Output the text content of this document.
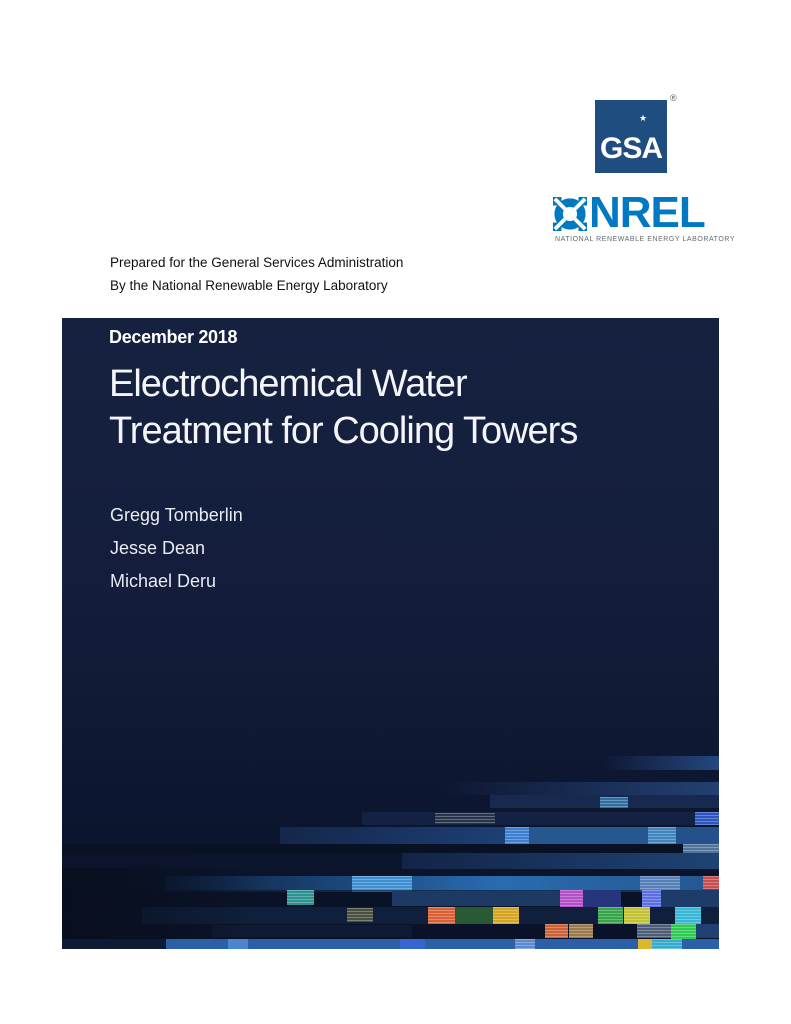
GSA
★
®
NREL
NATIONAL RENEWABLE ENERGY LABORATORY
Prepared for the General Services Administration
By the National Renewable Energy Laboratory
December 2018
Electrochemical Water
Treatment for Cooling Towers
Gregg Tomberlin
Jesse Dean
Michael Deru
